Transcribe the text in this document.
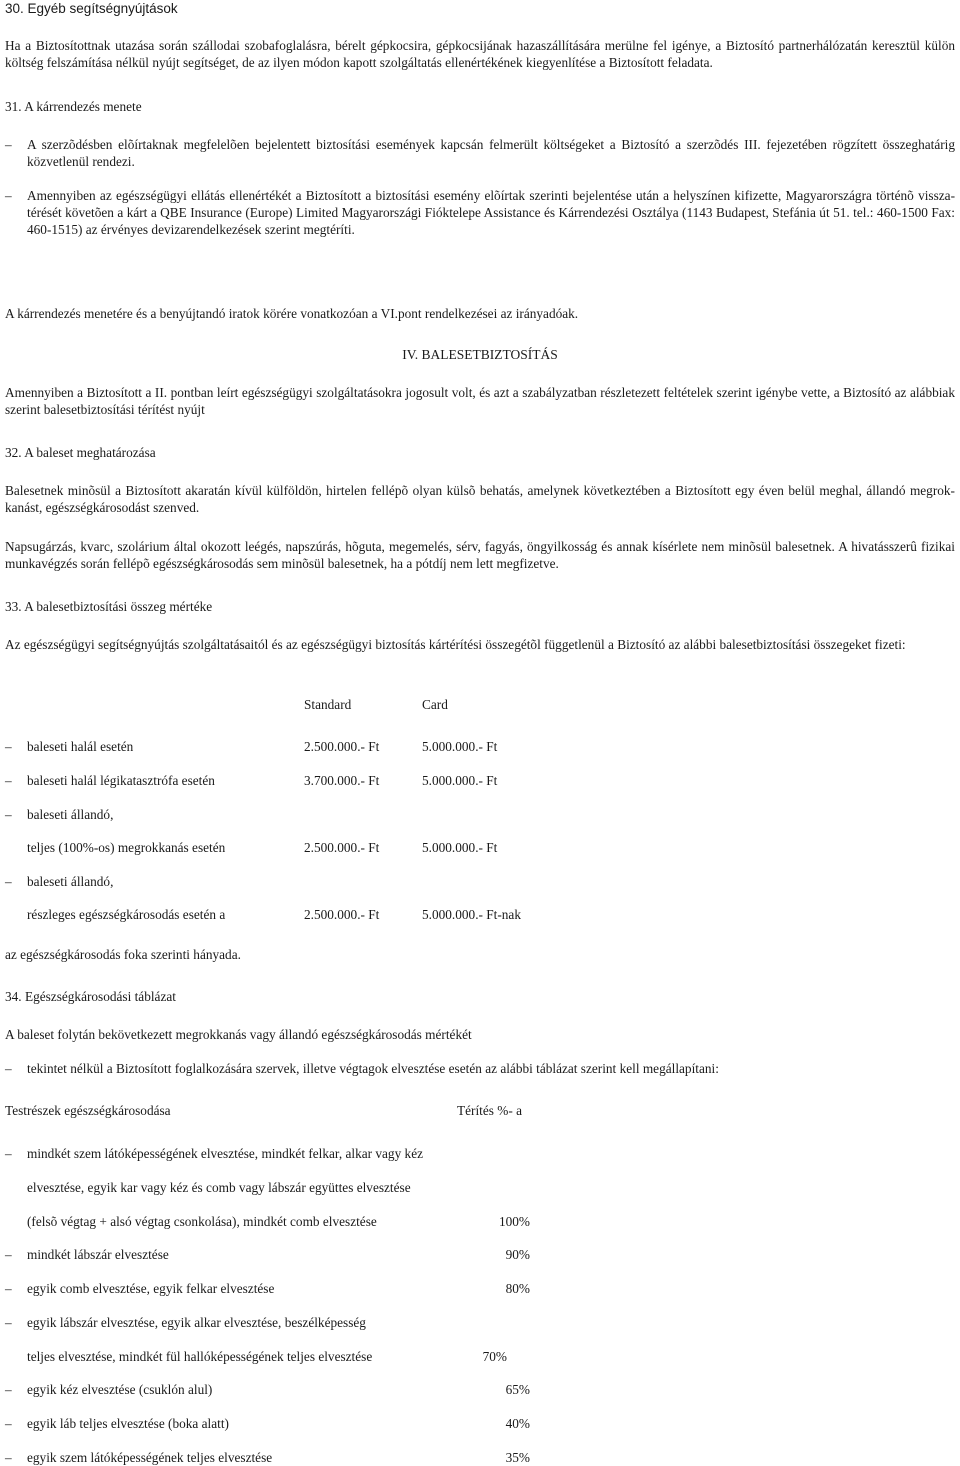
30. Egyéb segítségnyújtások
Ha a Biztosítottnak utazása során szállodai szobafoglalásra, bérelt gépkocsira, gépkocsijának hazaszállítására merülne fel igénye, a Biztosító partnerhálózatán keresztül külön költség felszámítása nélkül nyújt segítséget, de az ilyen módon kapott szolgáltatás ellenértékének kiegyenlítése a Biztosított feladata.
31. A kárrendezés menete
– A szerzõdésben elõírtaknak megfelelõen bejelentett biztosítási események kapcsán felmerült költségeket a Biztosító a szerzõdés III. fejezetében rögzített összeghatárig közvetlenül rendezi.
– Amennyiben az egészségügyi ellátás ellenértékét a Biztosított a biztosítási esemény elõírtak szerinti bejelentése után a helyszínen kifizette, Magyarországra történõ vissza-térését követõen a kárt a QBE Insurance (Europe) Limited Magyarországi Fióktelepe Assistance és Kárrendezési Osztálya (1143 Budapest, Stefánia út 51. tel.: 460-1500 Fax: 460-1515) az érvényes devizarendelkezések szerint megtéríti.
A kárrendezés menetére és a benyújtandó iratok körére vonatkozóan a VI.pont rendelkezései az irányadóak.
IV. BALESETBIZTOSÍTÁS
Amennyiben a Biztosított a II. pontban leírt egészségügyi szolgáltatásokra jogosult volt, és azt a szabályzatban részletezett feltételek szerint igénybe vette, a Biztosító az alábbiak szerint balesetbiztosítási térítést nyújt
32. A baleset meghatározása
Balesetnek minõsül a Biztosított akaratán kívül külföldön, hirtelen fellépõ olyan külsõ behatás, amelynek következtében a Biztosított egy éven belül meghal, állandó megrok-kanást, egészségkárosodást szenved.
Napsugárzás, kvarc, szolárium által okozott leégés, napszúrás, hõguta, megemelés, sérv, fagyás, öngyilkosság és annak kísérlete nem minõsül balesetnek. A hivatásszerû fizikai munkavégzés során fellépõ egészségkárosodás sem minõsül balesetnek, ha a pótdíj nem lett megfizetve.
33. A balesetbiztosítási összeg mértéke
Az egészségügyi segítségnyújtás szolgáltatásaitól és az egészségügyi biztosítás kártérítési összegétõl függetlenül a Biztosító az alábbi balesetbiztosítási összegeket fizeti:
Standard	Card
– baleseti halál esetén	2.500.000.- Ft	5.000.000.- Ft
– baleseti halál légikatasztrófa esetén	3.700.000.- Ft	5.000.000.- Ft
– baleseti állandó,
teljes (100%-os) megrokkanás esetén	2.500.000.- Ft	5.000.000.- Ft
– baleseti állandó,
részleges egészségkárosodás esetén a	2.500.000.- Ft	5.000.000.- Ft-nak
az egészségkárosodás foka szerinti hányada.
34. Egészségkárosodási táblázat
A baleset folytán bekövetkezett megrokkanás vagy állandó egészségkárosodás mértékét
– tekintet nélkül a Biztosított foglalkozására szervek, illetve végtagok elvesztése esetén az alábbi táblázat szerint kell megállapítani:
Testrészek egészségkárosodása	Térítés %- a
– mindkét szem látóképességének elvesztése, mindkét felkar, alkar vagy kéz
elvesztése, egyik kar vagy kéz és comb vagy lábszár együttes elvesztése
(felsõ végtag + alsó végtag csonkolása), mindkét comb elvesztése	100%
– mindkét lábszár elvesztése	90%
– egyik comb elvesztése, egyik felkar elvesztése	80%
– egyik lábszár elvesztése, egyik alkar elvesztése, beszélképesség
teljes elvesztése, mindkét fül hallóképességének teljes elvesztése	70%
– egyik kéz elvesztése (csuklón alul)	65%
– egyik láb teljes elvesztése (boka alatt)	40%
– egyik szem látóképességének teljes elvesztése	35%
